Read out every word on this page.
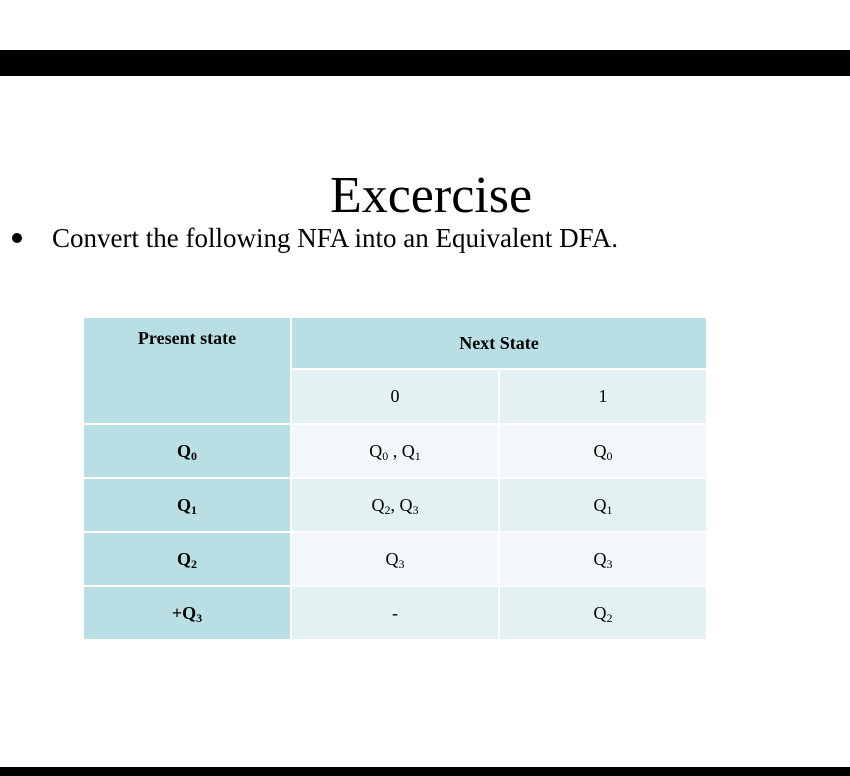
Excercise
Convert the following NFA into an Equivalent DFA.
Present state	Next State	
	0	1
$Q_0$	$Q_0$ , $Q_1$	$Q_0$
$Q_1$	$Q_2$, $Q_3$	$Q_1$
$Q_2$	$Q_3$	$Q_3$
$+Q_3$	-	$Q_2$
